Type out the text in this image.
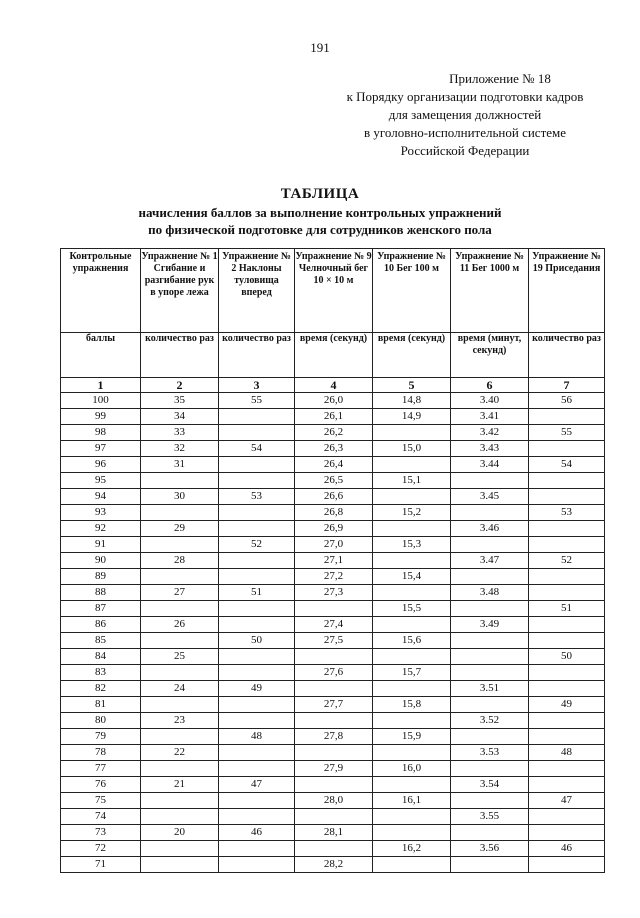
191
Приложение № 18
к Порядку организации подготовки кадров
для замещения должностей
в уголовно-исполнительной системе
Российской Федерации
ТАБЛИЦА
начисления баллов за выполнение контрольных упражнений
по физической подготовке для сотрудников женского пола
Контрольные упражнения	Упражнение № 1 Сгибание и разгибание рук в упоре лежа	Упражнение № 2 Наклоны туловища вперед	Упражнение № 9 Челночный бег 10 × 10 м	Упражнение № 10 Бег 100 м	Упражнение № 11 Бег 1000 м	Упражнение № 19 Приседания
баллы	количество раз	количество раз	время (секунд)	время (секунд)	время (минут, секунд)	количество раз
1	2	3	4	5	6	7
100	35	55	26,0	14,8	3.40	56
99	34		26,1	14,9	3.41	
98	33		26,2		3.42	55
97	32	54	26,3	15,0	3.43	
96	31		26,4		3.44	54
95			26,5	15,1		
94	30	53	26,6		3.45	
93			26,8	15,2		53
92	29		26,9		3.46	
91		52	27,0	15,3		
90	28		27,1		3.47	52
89			27,2	15,4		
88	27	51	27,3		3.48	
87				15,5		51
86	26		27,4		3.49	
85		50	27,5	15,6		
84	25					50
83			27,6	15,7		
82	24	49			3.51	
81			27,7	15,8		49
80	23				3.52	
79		48	27,8	15,9		
78	22				3.53	48
77			27,9	16,0		
76	21	47			3.54	
75			28,0	16,1		47
74					3.55	
73	20	46	28,1			
72				16,2	3.56	46
71			28,2			
